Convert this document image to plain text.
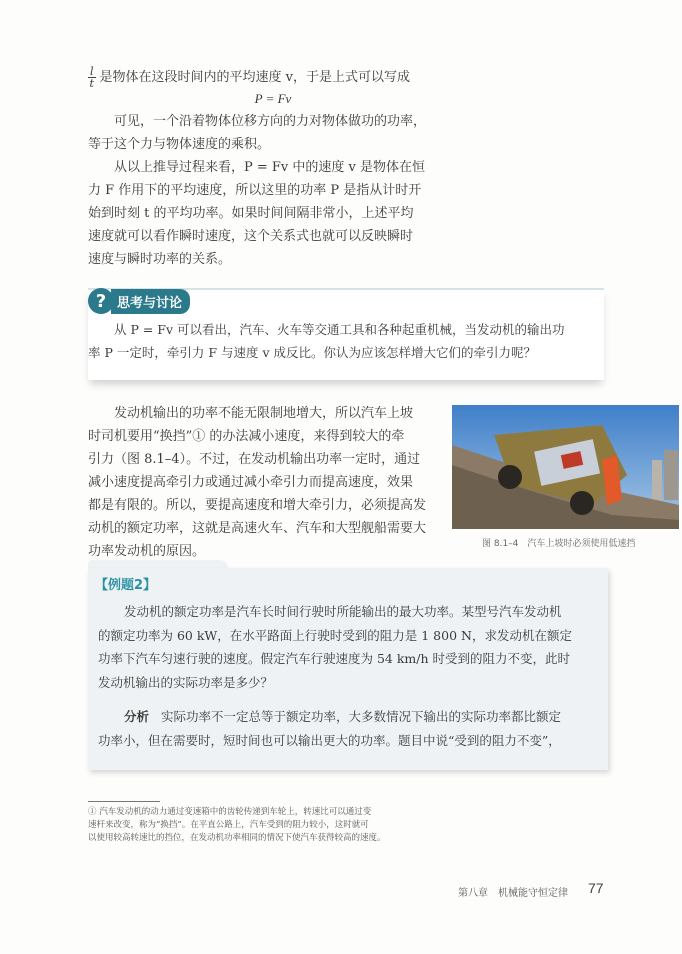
$\frac{l}{t}$ 是物体在这段时间内的平均速度 v，于是上式可以写成
P = Fv
可见，一个沿着物体位移方向的力对物体做功的功率，
等于这个力与物体速度的乘积。
从以上推导过程来看，P = Fv 中的速度 v 是物体在恒
力 F 作用下的平均速度，所以这里的功率 P 是指从计时开
始到时刻 t 的平均功率。如果时间间隔非常小，上述平均
速度就可以看作瞬时速度，这个关系式也就可以反映瞬时
速度与瞬时功率的关系。
? 思考与讨论
从 P = Fv 可以看出，汽车、火车等交通工具和各种起重机械，当发动机的输出功
率 P 一定时，牵引力 F 与速度 v 成反比。你认为应该怎样增大它们的牵引力呢？
发动机输出的功率不能无限制地增大，所以汽车上坡
时司机要用“换挡”① 的办法减小速度，来得到较大的牵
引力（图 8.1–4）。不过，在发动机输出功率一定时，通过
减小速度提高牵引力或通过减小牵引力而提高速度，效果
都是有限的。所以，要提高速度和增大牵引力，必须提高发
动机的额定功率，这就是高速火车、汽车和大型舰船需要大
功率发动机的原因。	图 8.1–4　汽车上坡时必须使用低速挡
【例题2】
发动机的额定功率是汽车长时间行驶时所能输出的最大功率。某型号汽车发动机
的额定功率为 60 kW，在水平路面上行驶时受到的阻力是 1 800 N，求发动机在额定
功率下汽车匀速行驶的速度。假定汽车行驶速度为 54 km/h 时受到的阻力不变，此时
发动机输出的实际功率是多少？
分析 实际功率不一定总等于额定功率，大多数情况下输出的实际功率都比额定
功率小，但在需要时，短时间也可以输出更大的功率。题目中说“受到的阻力不变”，
① 汽车发动机的动力通过变速箱中的齿轮传递到车轮上，转速比可以通过变
速杆来改变，称为“换挡”。在平直公路上，汽车受到的阻力较小，这时就可
以使用较高转速比的挡位，在发动机功率相同的情况下使汽车获得较高的速度。
第八章　机械能守恒定律 77
